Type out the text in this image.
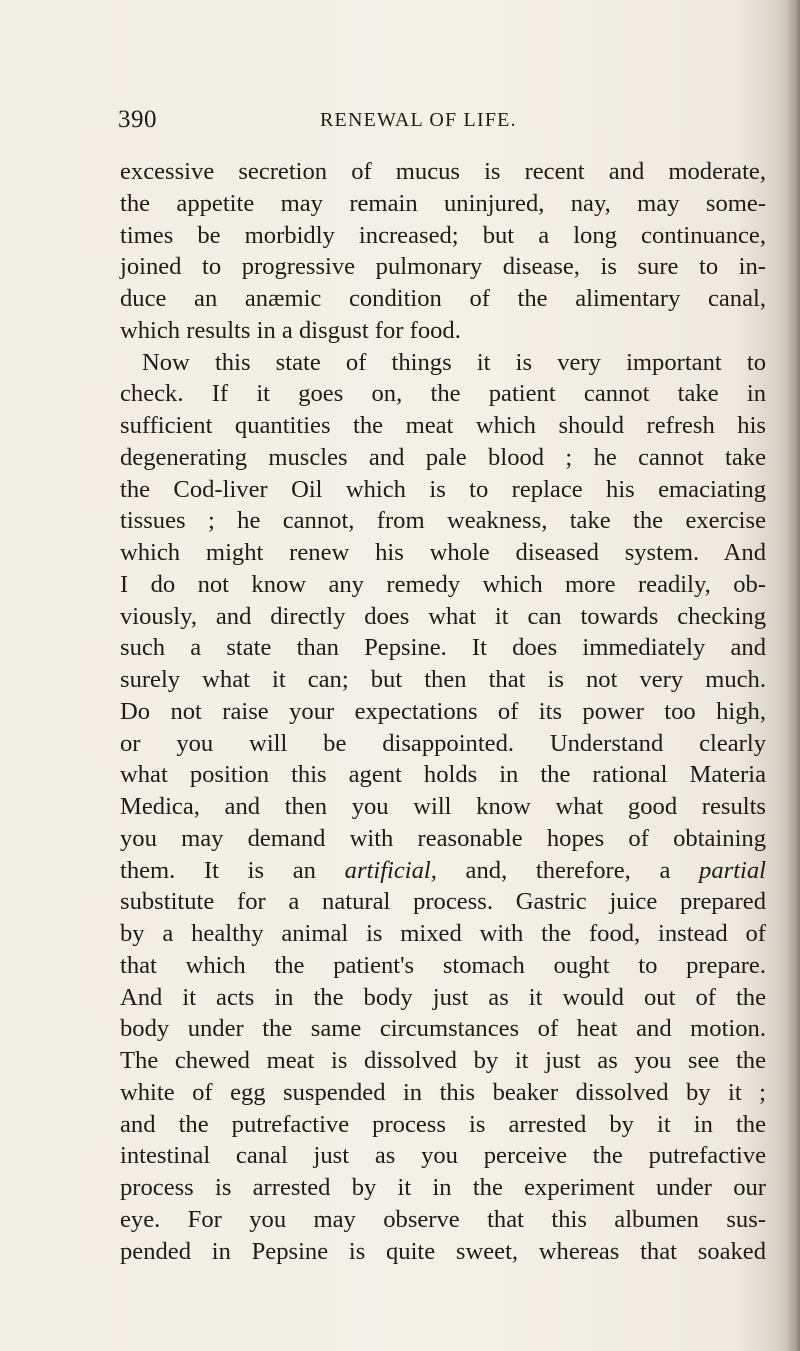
390	RENEWAL OF LIFE.
excessive secretion of mucus is recent and moderate,
the appetite may remain uninjured, nay, may some-
times be morbidly increased; but a long continuance,
joined to progressive pulmonary disease, is sure to in-
duce an anæmic condition of the alimentary canal,
which results in a disgust for food.
Now this state of things it is very important to
check. If it goes on, the patient cannot take in
sufficient quantities the meat which should refresh his
degenerating muscles and pale blood ; he cannot take
the Cod-liver Oil which is to replace his emaciating
tissues ; he cannot, from weakness, take the exercise
which might renew his whole diseased system. And
I do not know any remedy which more readily, ob-
viously, and directly does what it can towards checking
such a state than Pepsine. It does immediately and
surely what it can; but then that is not very much.
Do not raise your expectations of its power too high,
or you will be disappointed. Understand clearly
what position this agent holds in the rational Materia
Medica, and then you will know what good results
you may demand with reasonable hopes of obtaining
them. It is an artificial, and, therefore, a partial
substitute for a natural process. Gastric juice prepared
by a healthy animal is mixed with the food, instead of
that which the patient's stomach ought to prepare.
And it acts in the body just as it would out of the
body under the same circumstances of heat and motion.
The chewed meat is dissolved by it just as you see the
white of egg suspended in this beaker dissolved by it ;
and the putrefactive process is arrested by it in the
intestinal canal just as you perceive the putrefactive
process is arrested by it in the experiment under our
eye. For you may observe that this albumen sus-
pended in Pepsine is quite sweet, whereas that soaked
